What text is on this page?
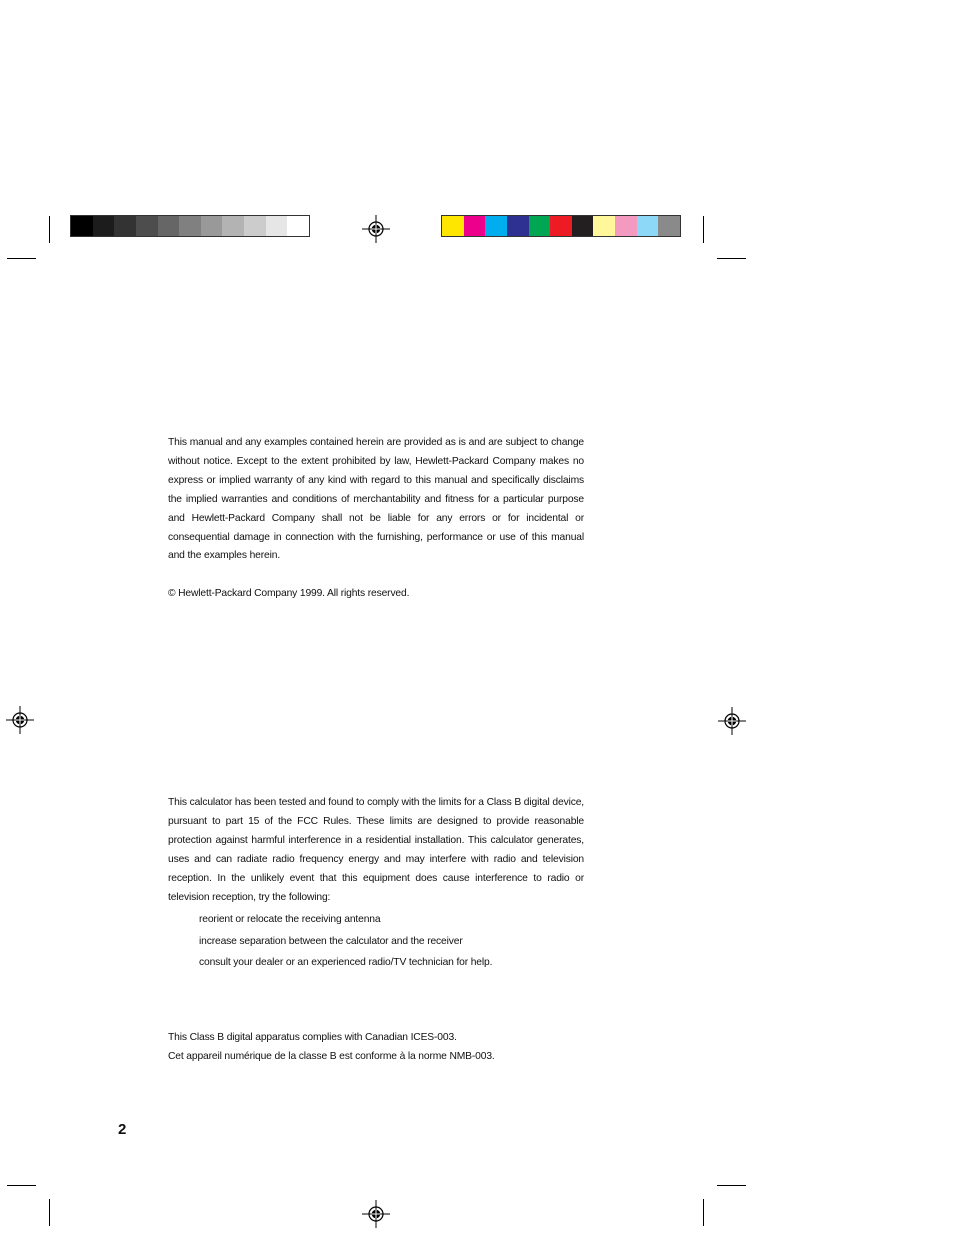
This manual and any examples contained herein are provided as is and are subject to change without notice. Except to the extent prohibited by law, Hewlett-Packard Company makes no express or implied warranty of any kind with regard to this manual and specifically disclaims the implied warranties and conditions of merchantability and fitness for a particular purpose and Hewlett-Packard Company shall not be liable for any errors or for incidental or consequential damage in connection with the furnishing, performance or use of this manual and the examples herein.

© Hewlett-Packard Company 1999. All rights reserved.

This calculator has been tested and found to comply with the limits for a Class B digital device, pursuant to part 15 of the FCC Rules. These limits are designed to provide reasonable protection against harmful interference in a residential installation. This calculator generates, uses and can radiate radio frequency energy and may interfere with radio and television reception. In the unlikely event that this equipment does cause interference to radio or television reception, try the following:

reorient or relocate the receiving antenna
increase separation between the calculator and the receiver
consult your dealer or an experienced radio/TV technician for help.
This Class B digital apparatus complies with Canadian ICES-003.
Cet appareil numérique de la classe B est conforme à la norme NMB-003.
2
